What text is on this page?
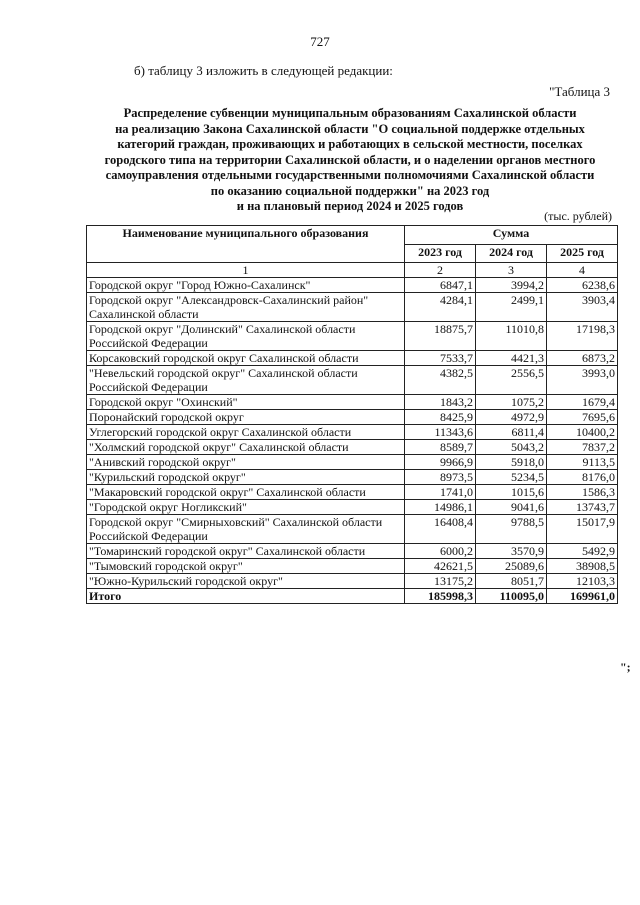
727
б) таблицу 3 изложить в следующей редакции:
"Таблица 3
Распределение субвенции муниципальным образованиям Сахалинской области
на реализацию Закона Сахалинской области "О социальной поддержке отдельных
категорий граждан, проживающих и работающих в сельской местности, поселках
городского типа на территории Сахалинской области, и о наделении органов местного
самоуправления отдельными государственными полномочиями Сахалинской области
по оказанию социальной поддержки" на 2023 год
и на плановый период 2024 и 2025 годов
(тыс. рублей)
Наименование муниципального образования	Сумма		
	2023 год	2024 год	2025 год
1	2	3	4
Городской округ "Город Южно-Сахалинск"	6847,1	3994,2	6238,6
Городской округ "Александровск-Сахалинский район" Сахалинской области	4284,1	2499,1	3903,4
Городской округ "Долинский" Сахалинской области Российской Федерации	18875,7	11010,8	17198,3
Корсаковский городской округ Сахалинской области	7533,7	4421,3	6873,2
"Невельский городской округ" Сахалинской области Российской Федерации	4382,5	2556,5	3993,0
Городской округ "Охинский"	1843,2	1075,2	1679,4
Поронайский городской округ	8425,9	4972,9	7695,6
Углегорский городской округ Сахалинской области	11343,6	6811,4	10400,2
"Холмский городской округ" Сахалинской области	8589,7	5043,2	7837,2
"Анивский городской округ"	9966,9	5918,0	9113,5
"Курильский городской округ"	8973,5	5234,5	8176,0
"Макаровский городской округ" Сахалинской области	1741,0	1015,6	1586,3
"Городской округ Ногликский"	14986,1	9041,6	13743,7
Городской округ "Смирныховский" Сахалинской области Российской Федерации	16408,4	9788,5	15017,9
"Томаринский городской округ" Сахалинской области	6000,2	3570,9	5492,9
"Тымовский городской округ"	42621,5	25089,6	38908,5
"Южно-Курильский городской округ"	13175,2	8051,7	12103,3
Итого	185998,3	110095,0	169961,0
";
